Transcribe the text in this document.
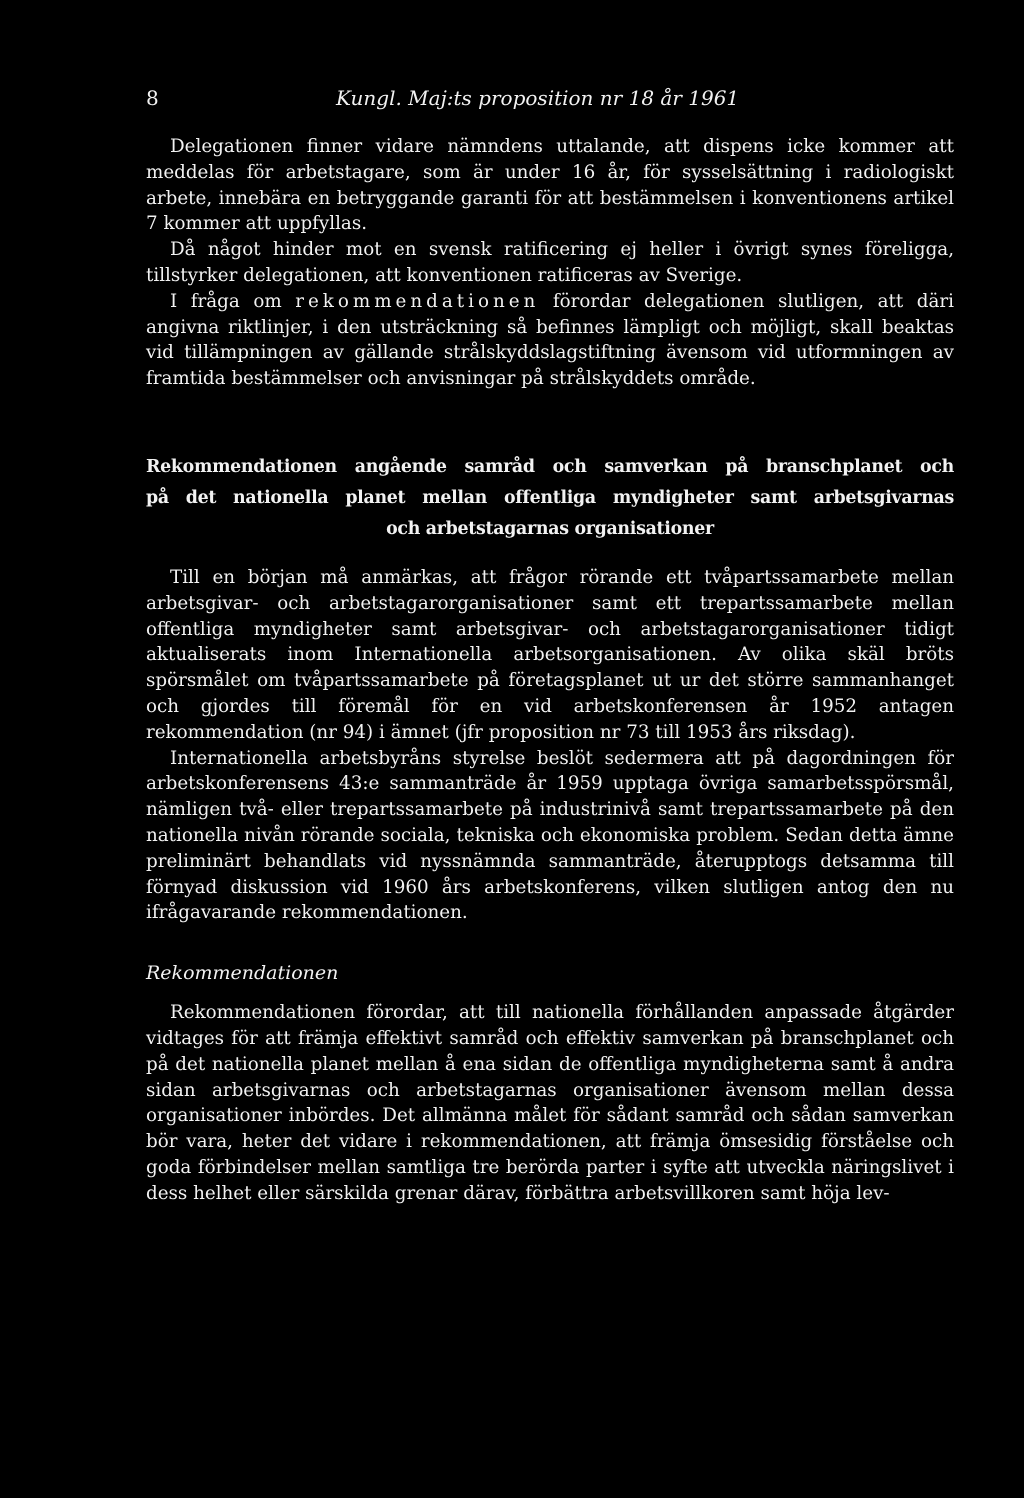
8	Kungl. Maj:ts proposition nr 18 år 1961

Delegationen finner vidare nämndens uttalande, att dispens icke kommer att meddelas för arbetstagare, som är under 16 år, för sysselsättning i radiologiskt arbete, innebära en betryggande garanti för att bestämmelsen i konventionens artikel 7 kommer att uppfyllas.

Då något hinder mot en svensk ratificering ej heller i övrigt synes föreligga, tillstyrker delegationen, att konventionen ratificeras av Sverige.

I fråga om rekommendationen förordar delegationen slutligen, att däri angivna riktlinjer, i den utsträckning så befinnes lämpligt och möjligt, skall beaktas vid tillämpningen av gällande strålskyddslagstiftning ävensom vid utformningen av framtida bestämmelser och anvisningar på strålskyddets område.

Rekommendationen angående samråd och samverkan på branschplanet och
på det nationella planet mellan offentliga myndigheter samt arbetsgivarnas
och arbetstagarnas organisationer

Till en början må anmärkas, att frågor rörande ett tvåpartssamarbete mellan arbetsgivar- och arbetstagarorganisationer samt ett trepartssamarbete mellan offentliga myndigheter samt arbetsgivar- och arbetstagarorganisationer tidigt aktualiserats inom Internationella arbetsorganisationen. Av olika skäl bröts spörsmålet om tvåpartssamarbete på företagsplanet ut ur det större sammanhanget och gjordes till föremål för en vid arbetskonferensen år 1952 antagen rekommendation (nr 94) i ämnet (jfr proposition nr 73 till 1953 års riksdag).

Internationella arbetsbyråns styrelse beslöt sedermera att på dagordningen för arbetskonferensens 43:e sammanträde år 1959 upptaga övriga samarbetsspörsmål, nämligen två- eller trepartssamarbete på industrinivå samt trepartssamarbete på den nationella nivån rörande sociala, tekniska och ekonomiska problem. Sedan detta ämne preliminärt behandlats vid nyssnämnda sammanträde, återupptogs detsamma till förnyad diskussion vid 1960 års arbetskonferens, vilken slutligen antog den nu ifrågavarande rekommendationen.

Rekommendationen

Rekommendationen förordar, att till nationella förhållanden anpassade åtgärder vidtages för att främja effektivt samråd och effektiv samverkan på branschplanet och på det nationella planet mellan å ena sidan de offentliga myndigheterna samt å andra sidan arbetsgivarnas och arbetstagarnas organisationer ävensom mellan dessa organisationer inbördes. Det allmänna målet för sådant samråd och sådan samverkan bör vara, heter det vidare i rekommendationen, att främja ömsesidig förståelse och goda förbindelser mellan samtliga tre berörda parter i syfte att utveckla näringslivet i dess helhet eller särskilda grenar därav, förbättra arbetsvillkoren samt höja lev-
